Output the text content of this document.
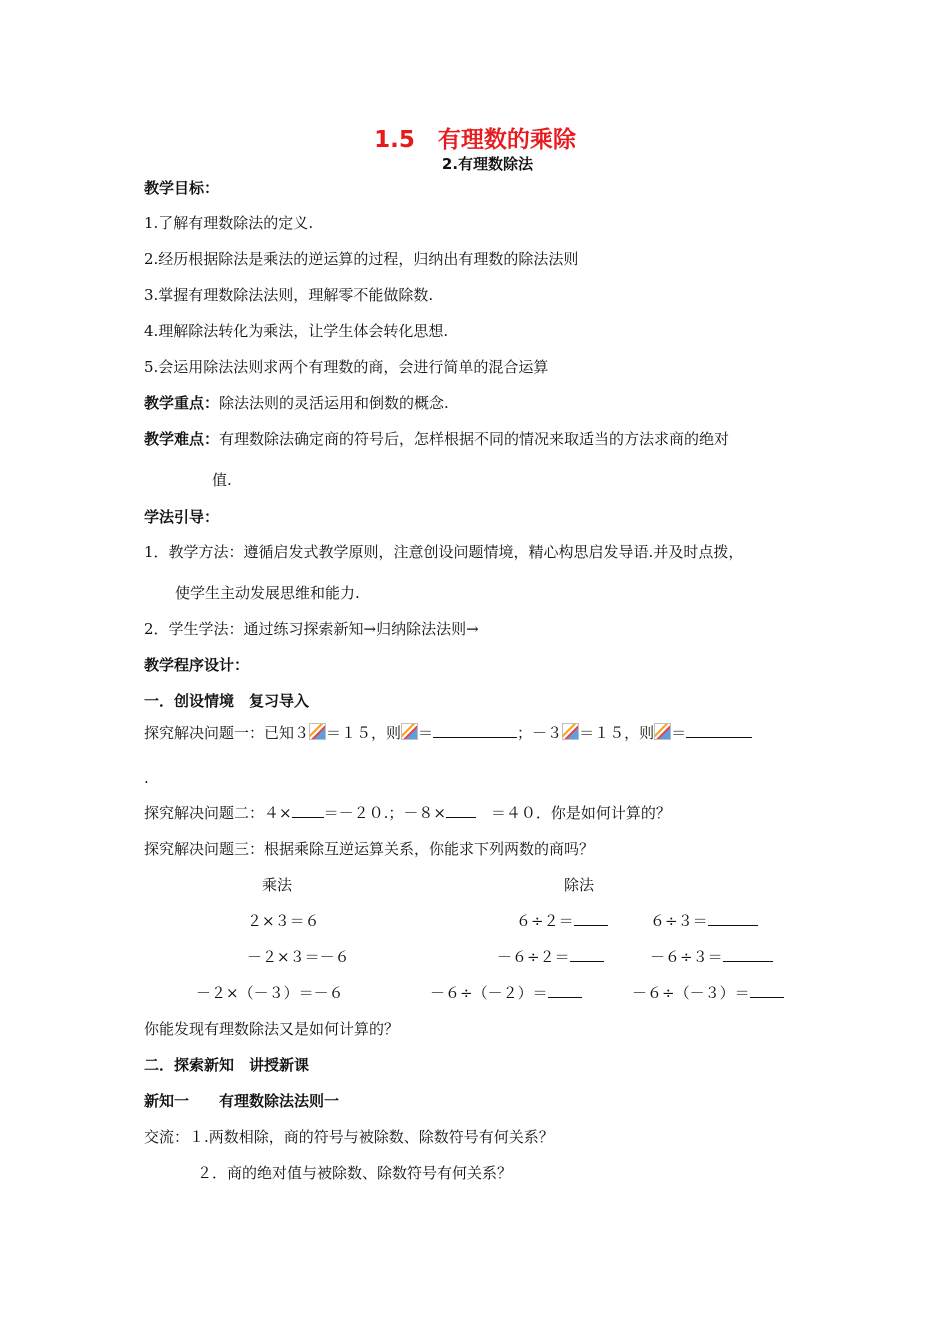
1.5　有理数的乘除
2.有理数除法
教学目标：
1.了解有理数除法的定义.
2.经历根据除法是乘法的逆运算的过程，归纳出有理数的除法法则
3.掌握有理数除法法则，理解零不能做除数.
4.理解除法转化为乘法，让学生体会转化思想.
5.会运用除法法则求两个有理数的商，会进行简单的混合运算
教学重点：除法法则的灵活运用和倒数的概念.
教学难点：有理数除法确定商的符号后，怎样根据不同的情况来取适当的方法求商的绝对
值.
学法引导：
1．教学方法：遵循启发式教学原则，注意创设问题情境，精心构思启发导语.并及时点拨，
使学生主动发展思维和能力.
2．学生学法：通过练习探索新知→归纳除法法则→
教学程序设计：
一．创设情境　复习导入
探究解决问题一：已知３ ＝１５，则 ＝	；－３ ＝１５，则 ＝
.
探究解决问题二：４× ＝－２０.；－８×　＝４０．你是如何计算的？
探究解决问题三：根据乘除互逆运算关系，你能求下列两数的商吗？
乘法	除法
２×３＝６	６÷２＝	６÷３＝
－２×３＝－６	－６÷２＝	－６÷３＝
－２×（－３）＝－６	－６÷（－２）＝	－６÷（－３）＝
你能发现有理数除法又是如何计算的？
二．探索新知　讲授新课
新知一　　有理数除法法则一
交流：１.两数相除，商的符号与被除数、除数符号有何关系？
２．商的绝对值与被除数、除数符号有何关系？
